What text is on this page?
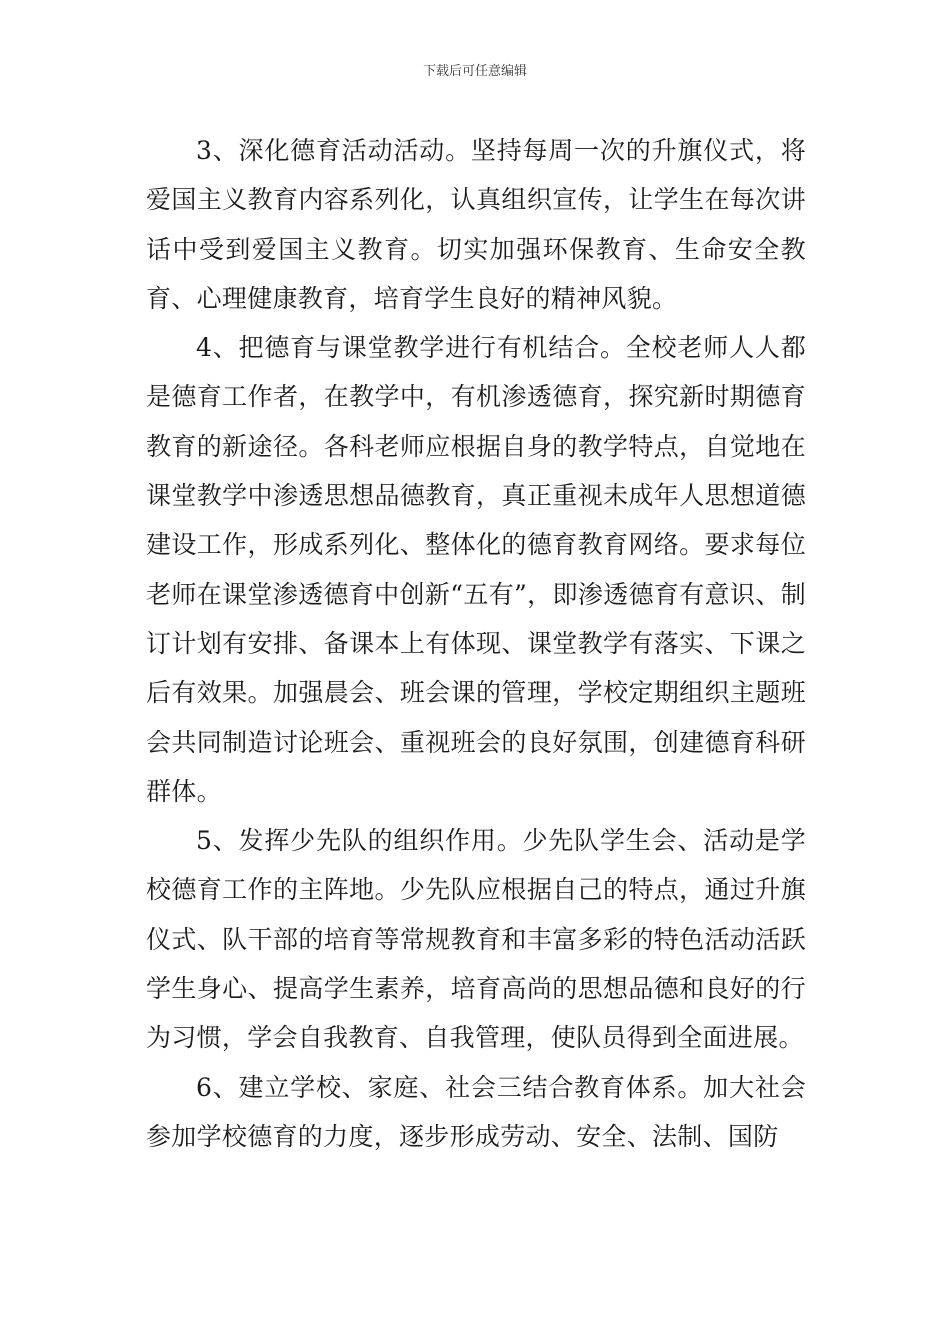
下载后可任意编辑

3、深化德育活动活动。坚持每周一次的升旗仪式，将爱国主义教育内容系列化，认真组织宣传，让学生在每次讲话中受到爱国主义教育。切实加强环保教育、生命安全教育、心理健康教育，培育学生良好的精神风貌。

4、把德育与课堂教学进行有机结合。全校老师人人都是德育工作者，在教学中，有机渗透德育，探究新时期德育教育的新途径。各科老师应根据自身的教学特点，自觉地在课堂教学中渗透思想品德教育，真正重视未成年人思想道德建设工作，形成系列化、整体化的德育教育网络。要求每位老师在课堂渗透德育中创新“五有”，即渗透德育有意识、制订计划有安排、备课本上有体现、课堂教学有落实、下课之后有效果。加强晨会、班会课的管理，学校定期组织主题班会共同制造讨论班会、重视班会的良好氛围，创建德育科研群体。

5、发挥少先队的组织作用。少先队学生会、活动是学校德育工作的主阵地。少先队应根据自己的特点，通过升旗仪式、队干部的培育等常规教育和丰富多彩的特色活动活跃学生身心、提高学生素养，培育高尚的思想品德和良好的行为习惯，学会自我教育、自我管理，使队员得到全面进展。

6、建立学校、家庭、社会三结合教育体系。加大社会参加学校德育的力度，逐步形成劳动、安全、法制、国防
